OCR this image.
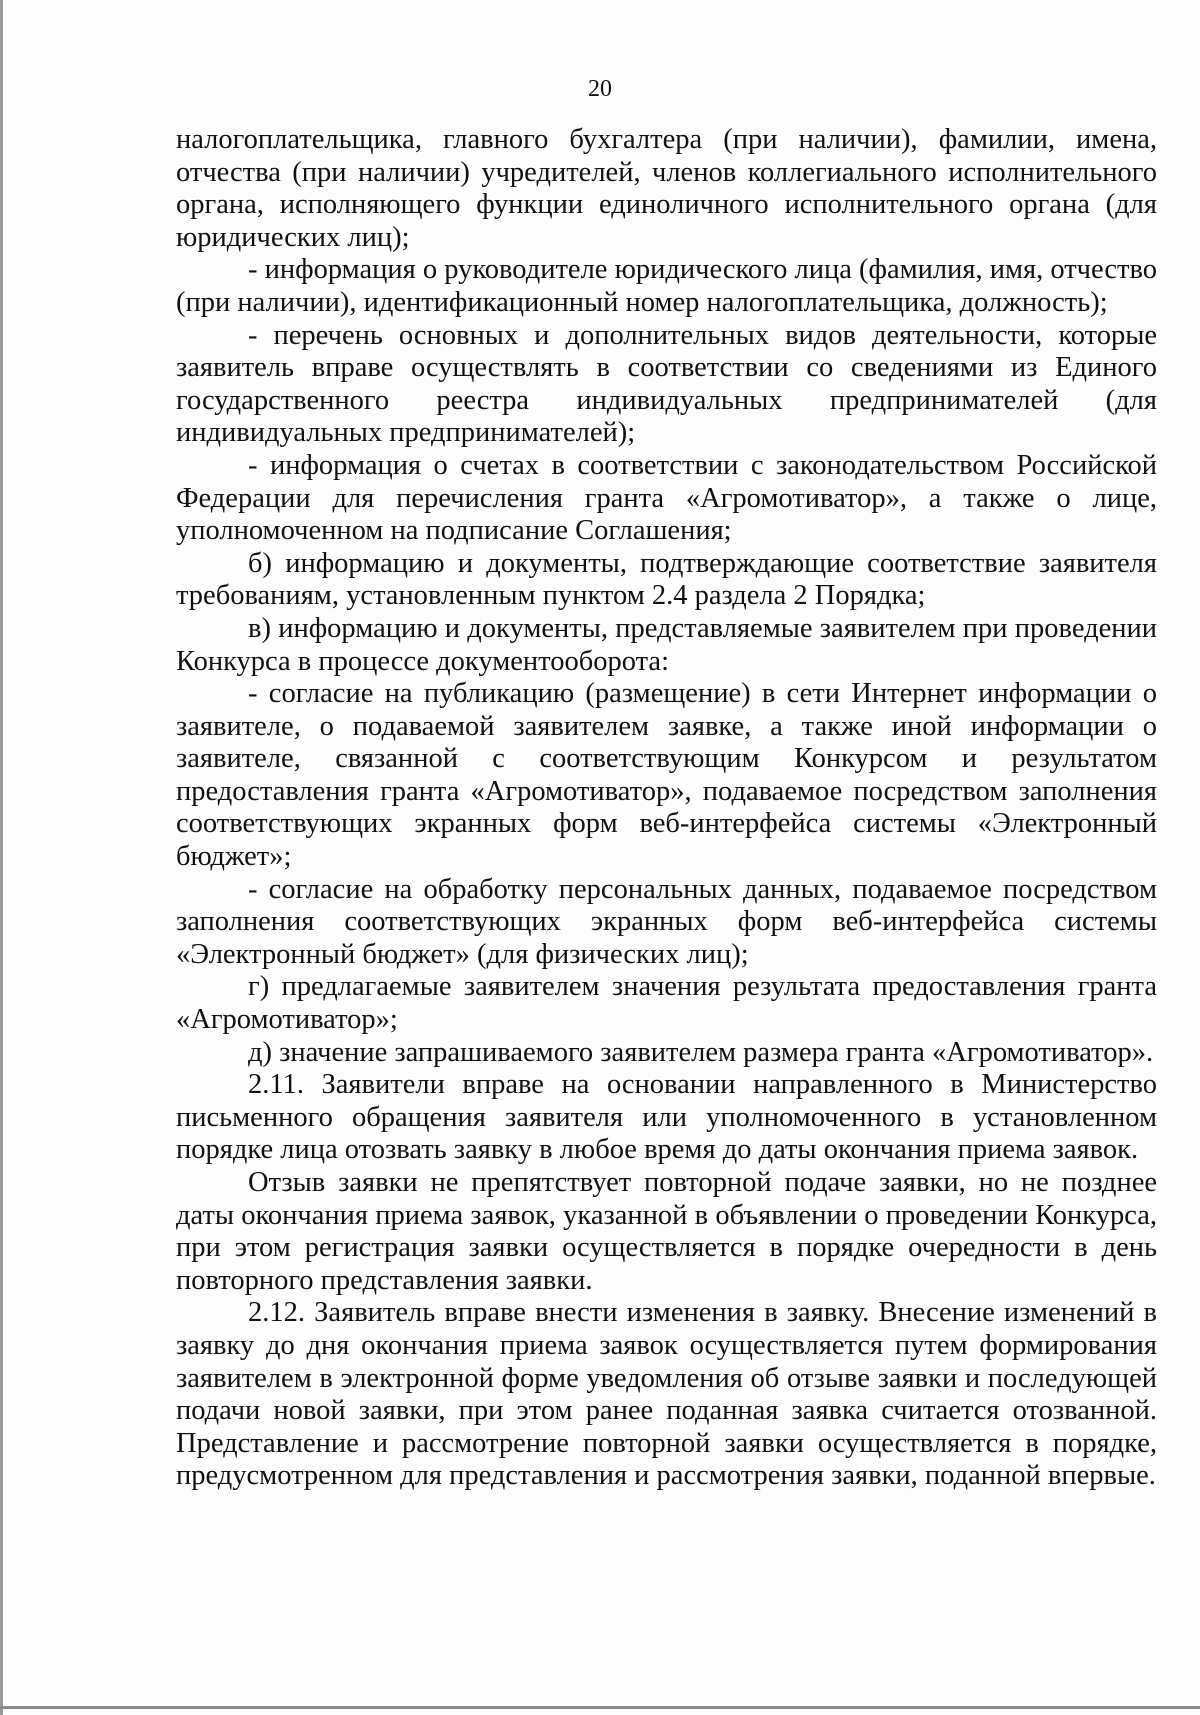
20

налогоплательщика, главного бухгалтера (при наличии), фамилии, имена, отчества (при наличии) учредителей, членов коллегиального исполнительного органа, исполняющего функции единоличного исполнительного органа (для юридических лиц);

- информация о руководителе юридического лица (фамилия, имя, отчество (при наличии), идентификационный номер налогоплательщика, должность);

- перечень основных и дополнительных видов деятельности, которые заявитель вправе осуществлять в соответствии со сведениями из Единого государственного реестра индивидуальных предпринимателей (для индивидуальных предпринимателей);

- информация о счетах в соответствии с законодательством Российской Федерации для перечисления гранта «Агромотиватор», а также о лице, уполномоченном на подписание Соглашения;

б) информацию и документы, подтверждающие соответствие заявителя требованиям, установленным пунктом 2.4 раздела 2 Порядка;

в) информацию и документы, представляемые заявителем при проведении Конкурса в процессе документооборота:

- согласие на публикацию (размещение) в сети Интернет информации о заявителе, о подаваемой заявителем заявке, а также иной информации о заявителе, связанной с соответствующим Конкурсом и результатом предоставления гранта «Агромотиватор», подаваемое посредством заполнения соответствующих экранных форм веб-интерфейса системы «Электронный бюджет»;

- согласие на обработку персональных данных, подаваемое посредством заполнения соответствующих экранных форм веб-интерфейса системы «Электронный бюджет» (для физических лиц);

г) предлагаемые заявителем значения результата предоставления гранта «Агромотиватор»;

д) значение запрашиваемого заявителем размера гранта «Агромотиватор».

2.11. Заявители вправе на основании направленного в Министерство письменного обращения заявителя или уполномоченного в установленном порядке лица отозвать заявку в любое время до даты окончания приема заявок.

Отзыв заявки не препятствует повторной подаче заявки, но не позднее даты окончания приема заявок, указанной в объявлении о проведении Конкурса, при этом регистрация заявки осуществляется в порядке очередности в день повторного представления заявки.

2.12. Заявитель вправе внести изменения в заявку. Внесение изменений в заявку до дня окончания приема заявок осуществляется путем формирования заявителем в электронной форме уведомления об отзыве заявки и последующей подачи новой заявки, при этом ранее поданная заявка считается отозванной. Представление и рассмотрение повторной заявки осуществляется в порядке, предусмотренном для представления и рассмотрения заявки, поданной впервые.
